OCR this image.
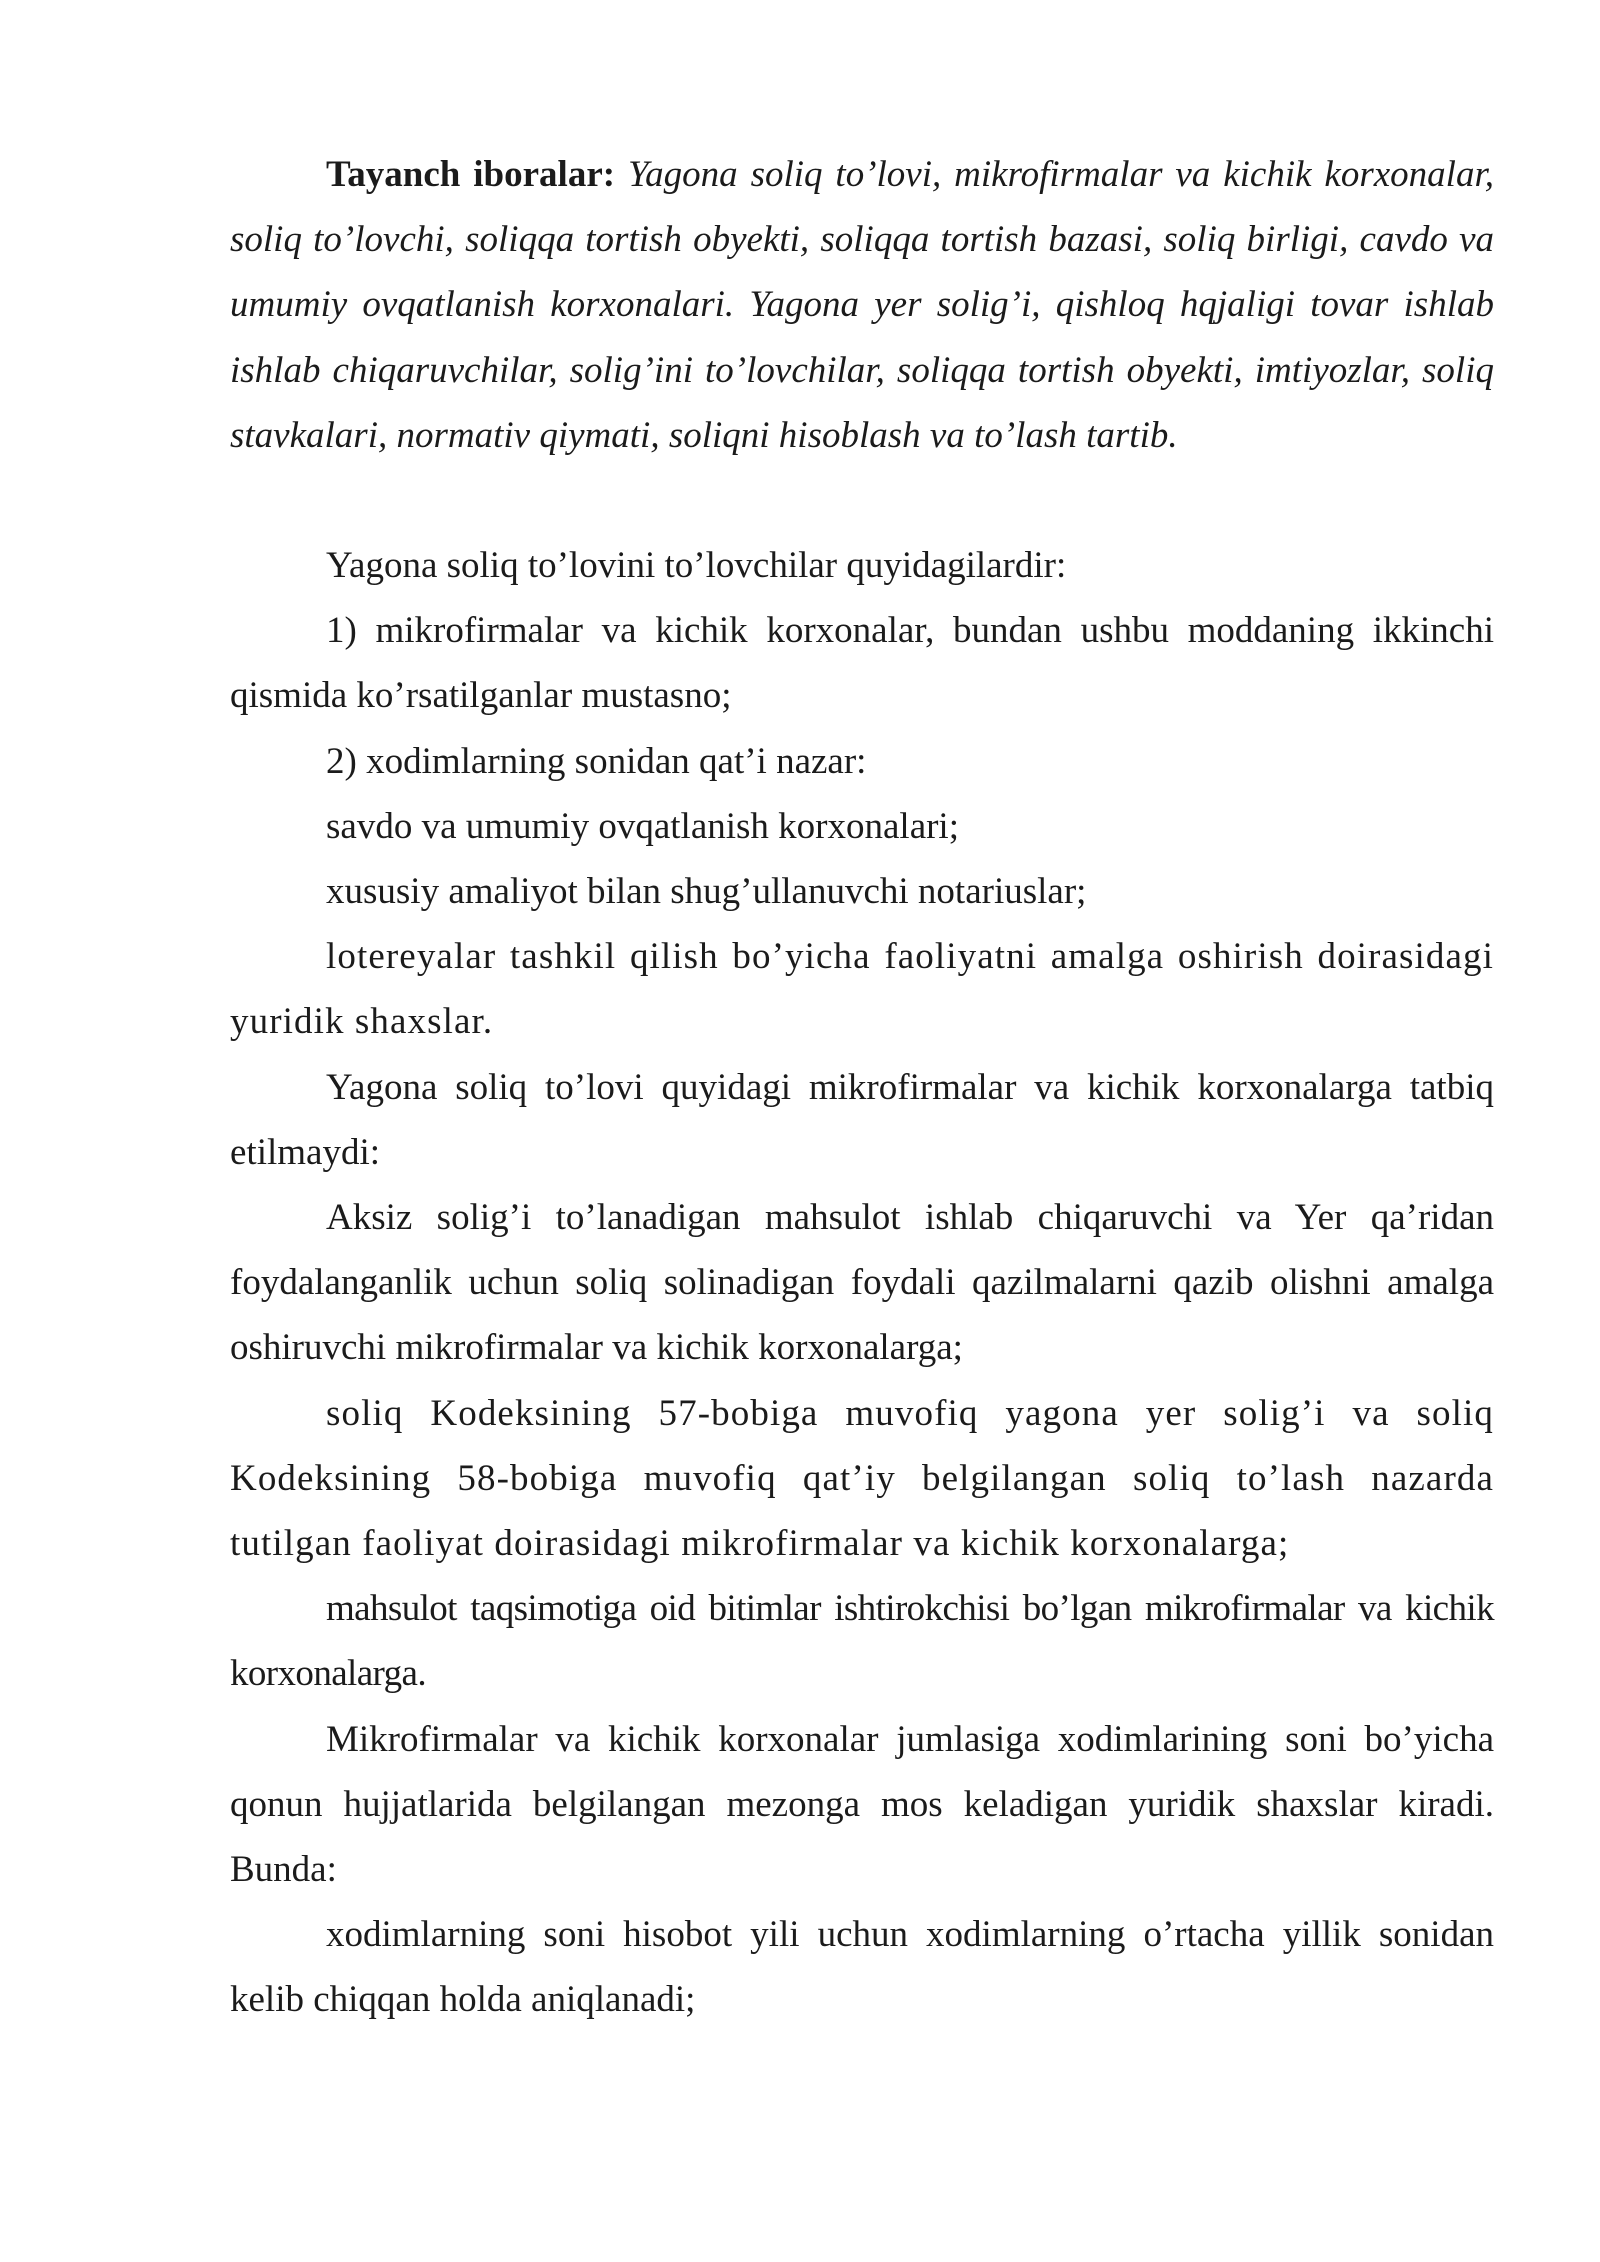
Tayanch iboralar: Yagona soliq to’lovi, mikrofirmalar va kichik korxonalar, soliq to’lovchi, soliqqa tortish obyekti, soliqqa tortish bazasi, soliq birligi, cavdo va umumiy ovqatlanish korxonalari. Yagona yer solig’i, qishloq hqjaligi tovar ishlab ishlab chiqaruvchilar, solig’ini to’lovchilar, soliqqa tortish obyekti, imtiyozlar, soliq stavkalari, normativ qiymati, soliqni hisoblash va to’lash tartib.

Yagona soliq to’lovini to’lovchilar quyidagilardir:

1) mikrofirmalar va kichik korxonalar, bundan ushbu moddaning ikkinchi qismida ko’rsatilganlar mustasno;

2) xodimlarning sonidan qat’i nazar:

savdo va umumiy ovqatlanish korxonalari;

xususiy amaliyot bilan shug’ullanuvchi notariuslar;

lotereyalar tashkil qilish bo’yicha faoliyatni amalga oshirish doirasidagi yuridik shaxslar.

Yagona soliq to’lovi quyidagi mikrofirmalar va kichik korxonalarga tatbiq etilmaydi:

Aksiz solig’i to’lanadigan mahsulot ishlab chiqaruvchi va Yer qa’ridan foydalanganlik uchun soliq solinadigan foydali qazilmalarni qazib olishni amalga oshiruvchi mikrofirmalar va kichik korxonalarga;

soliq Kodeksining 57-bobiga muvofiq yagona yer solig’i va soliq Kodeksining 58-bobiga muvofiq qat’iy belgilangan soliq to’lash nazarda tutilgan faoliyat doirasidagi mikrofirmalar va kichik korxonalarga;

mahsulot taqsimotiga oid bitimlar ishtirokchisi bo’lgan mikrofirmalar va kichik korxonalarga.

Mikrofirmalar va kichik korxonalar jumlasiga xodimlarining soni bo’yicha qonun hujjatlarida belgilangan mezonga mos keladigan yuridik shaxslar kiradi. Bunda:

xodimlarning soni hisobot yili uchun xodimlarning o’rtacha yillik sonidan kelib chiqqan holda aniqlanadi;
